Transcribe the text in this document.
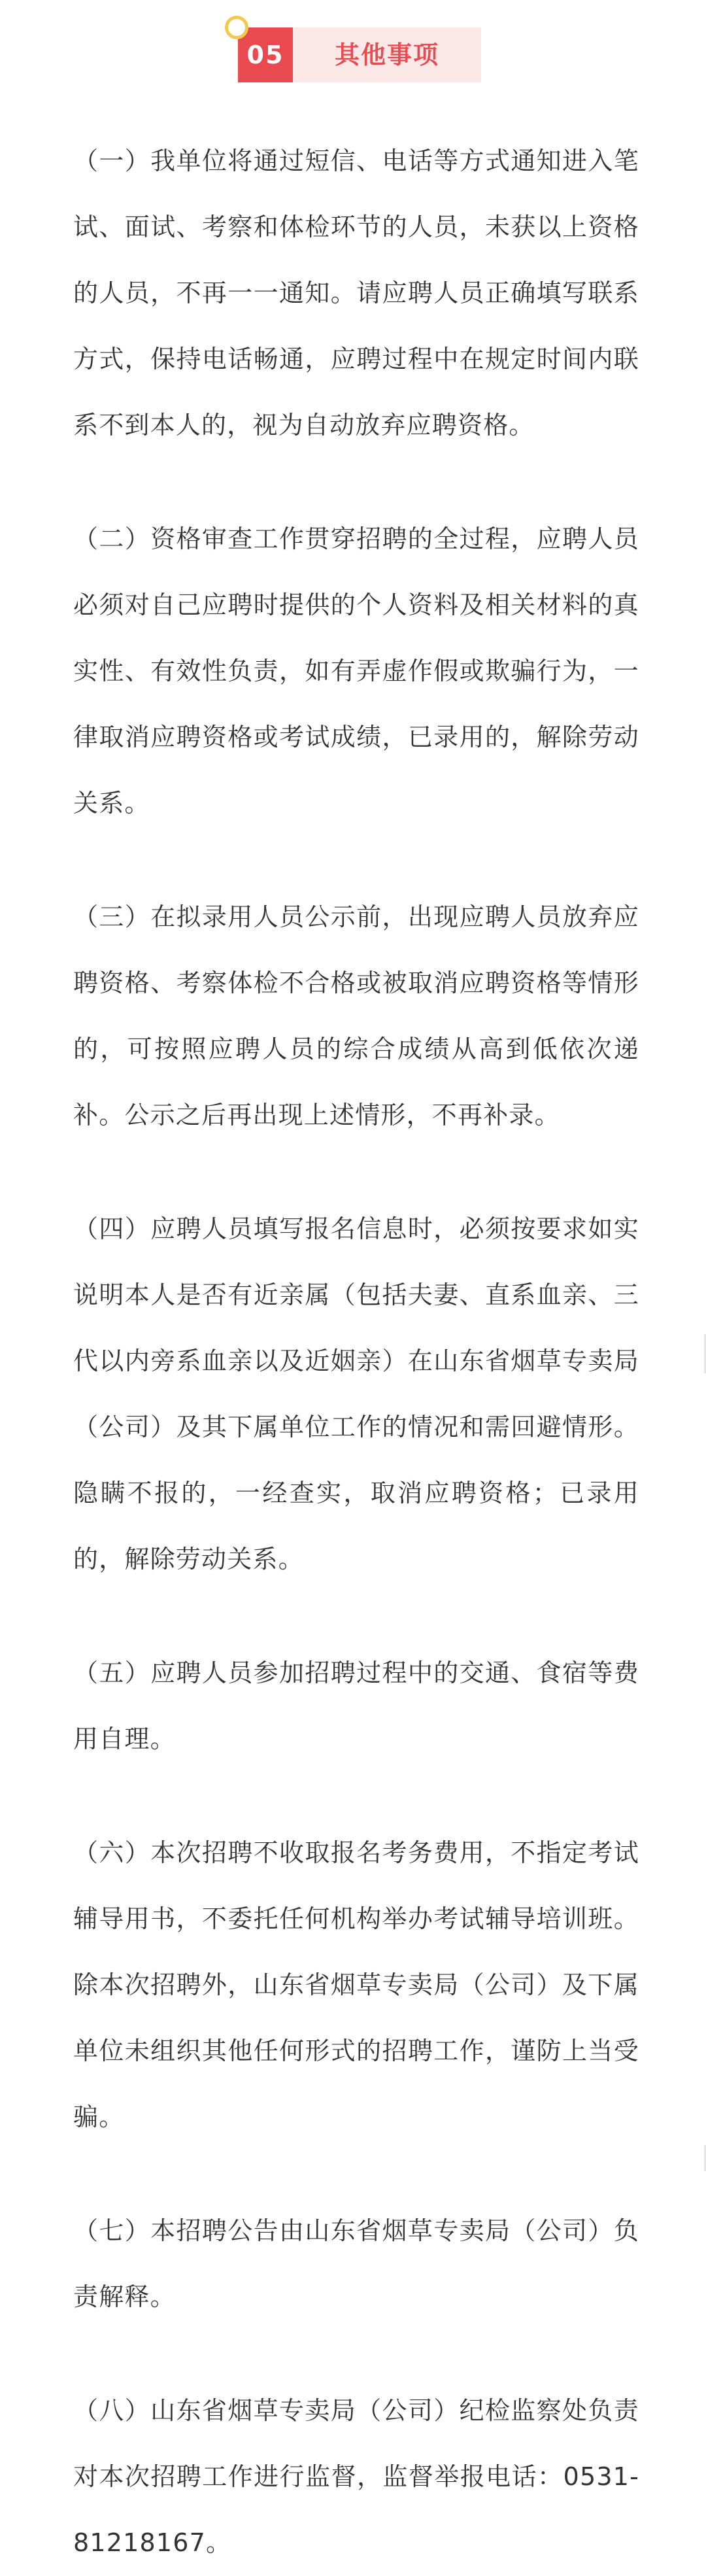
05	其他事项

（一）我单位将通过短信、电话等方式通知进入笔试、面试、考察和体检环节的人员，未获以上资格的人员，不再一一通知。请应聘人员正确填写联系方式，保持电话畅通，应聘过程中在规定时间内联系不到本人的，视为自动放弃应聘资格。

（二）资格审查工作贯穿招聘的全过程，应聘人员必须对自己应聘时提供的个人资料及相关材料的真实性、有效性负责，如有弄虚作假或欺骗行为，一律取消应聘资格或考试成绩，已录用的，解除劳动关系。

（三）在拟录用人员公示前，出现应聘人员放弃应聘资格、考察体检不合格或被取消应聘资格等情形的，可按照应聘人员的综合成绩从高到低依次递补。公示之后再出现上述情形，不再补录。

（四）应聘人员填写报名信息时，必须按要求如实说明本人是否有近亲属（包括夫妻、直系血亲、三代以内旁系血亲以及近姻亲）在山东省烟草专卖局（公司）及其下属单位工作的情况和需回避情形。隐瞒不报的，一经查实，取消应聘资格；已录用的，解除劳动关系。

（五）应聘人员参加招聘过程中的交通、食宿等费用自理。

（六）本次招聘不收取报名考务费用，不指定考试辅导用书，不委托任何机构举办考试辅导培训班。除本次招聘外，山东省烟草专卖局（公司）及下属单位未组织其他任何形式的招聘工作，谨防上当受骗。

（七）本招聘公告由山东省烟草专卖局（公司）负责解释。

（八）山东省烟草专卖局（公司）纪检监察处负责对本次招聘工作进行监督，监督举报电话：0531-81218167。
